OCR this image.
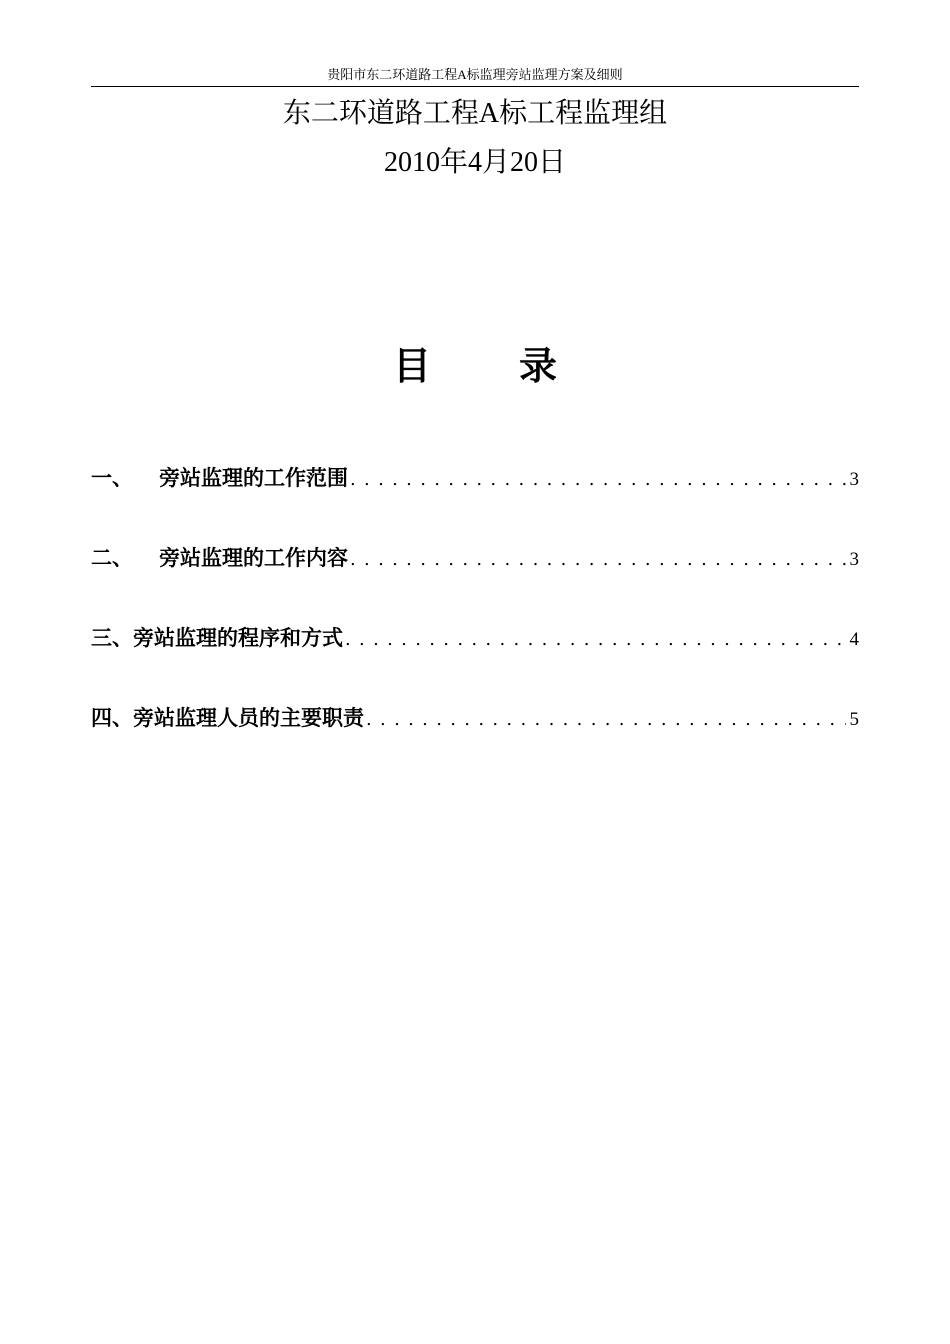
贵阳市东二环道路工程A标监理旁站监理方案及细则
东二环道路工程A标工程监理组
2010年4月20日
目 录
一、	旁站监理的工作范围 . . .	3
二、	旁站监理的工作内容 . . .	3
三、 旁站监理的程序和方式 . . .	4
四、 旁站监理人员的主要职责 . . .	5
